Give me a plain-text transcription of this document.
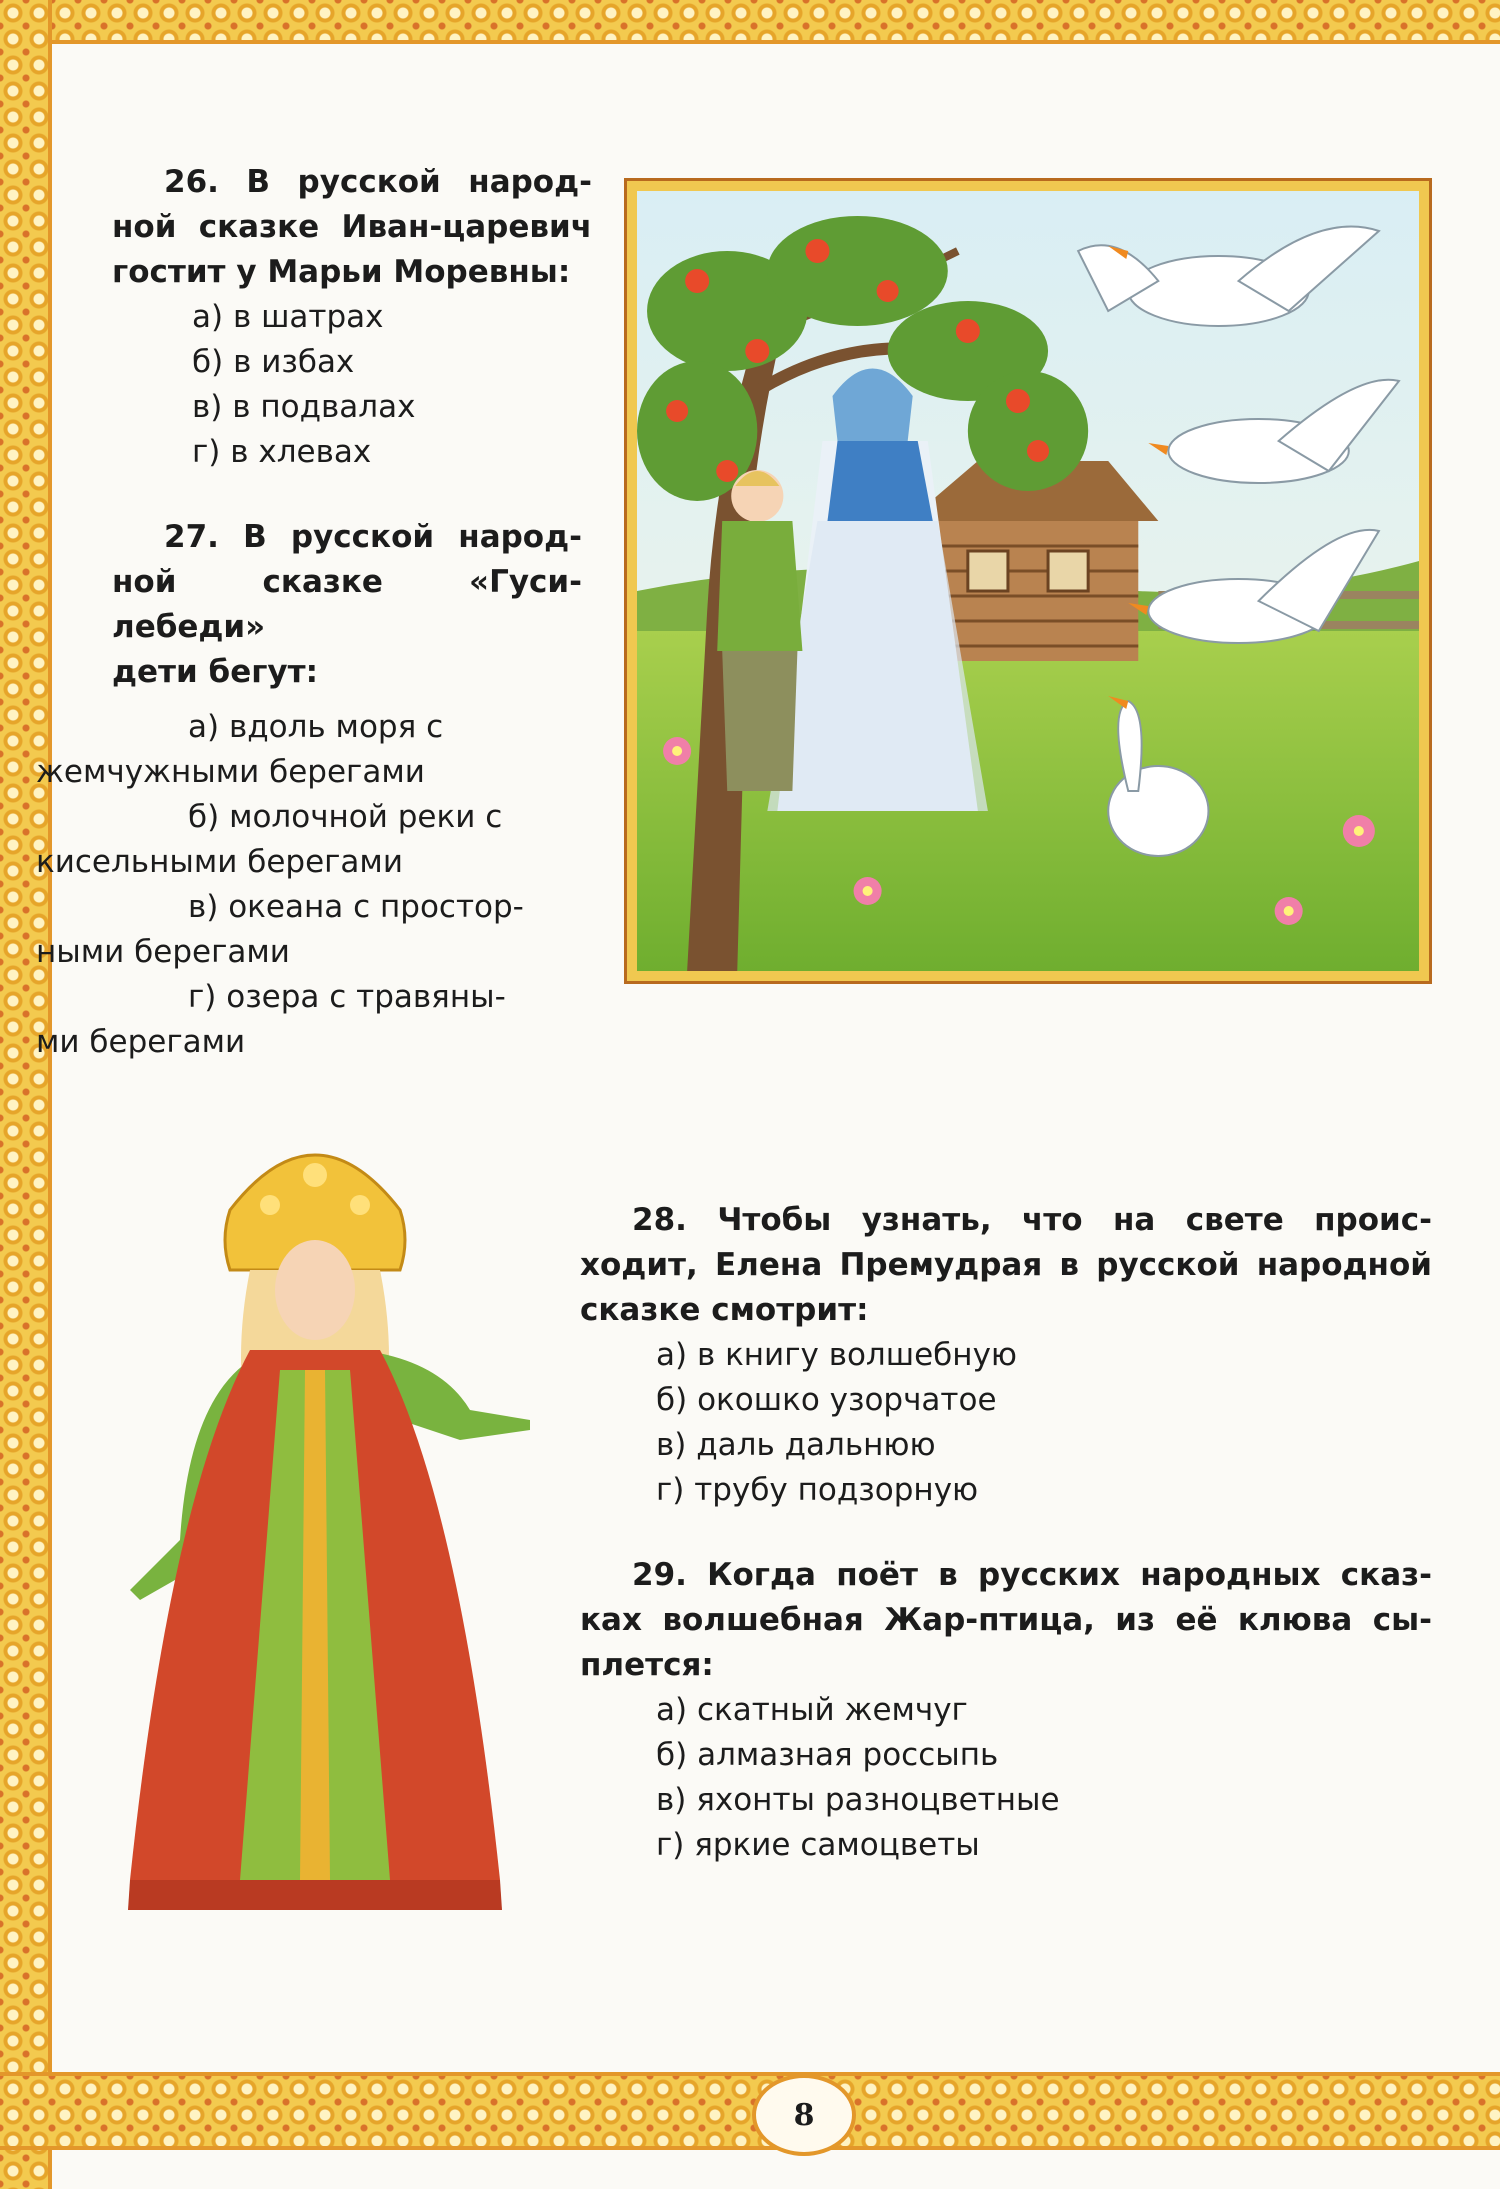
8

26. В русской народ- ной сказке Иван-царевич
гостит у Марьи Моревны:

а) в шатрах
б) в избах
в) в подвалах
г) в хлевах

27. В русской народ- ной сказке «Гуси-лебеди»
дети бегут:

а) вдоль моря с
жемчужными берегами
б) молочной реки с
кисельными берегами
в) океана с простор-
ными берегами
г) озера с травяны-
ми берегами

28. Чтобы узнать, что на свете проис- ходит, Елена Премудрая в русской народной
сказке смотрит:

а) в книгу волшебную
б) окошко узорчатое
в) даль дальнюю
г) трубу подзорную

29. Когда поёт в русских народных сказ- ках волшебная Жар-птица, из её клюва сы-
плется:

а) скатный жемчуг
б) алмазная россыпь
в) яхонты разноцветные
г) яркие самоцветы
